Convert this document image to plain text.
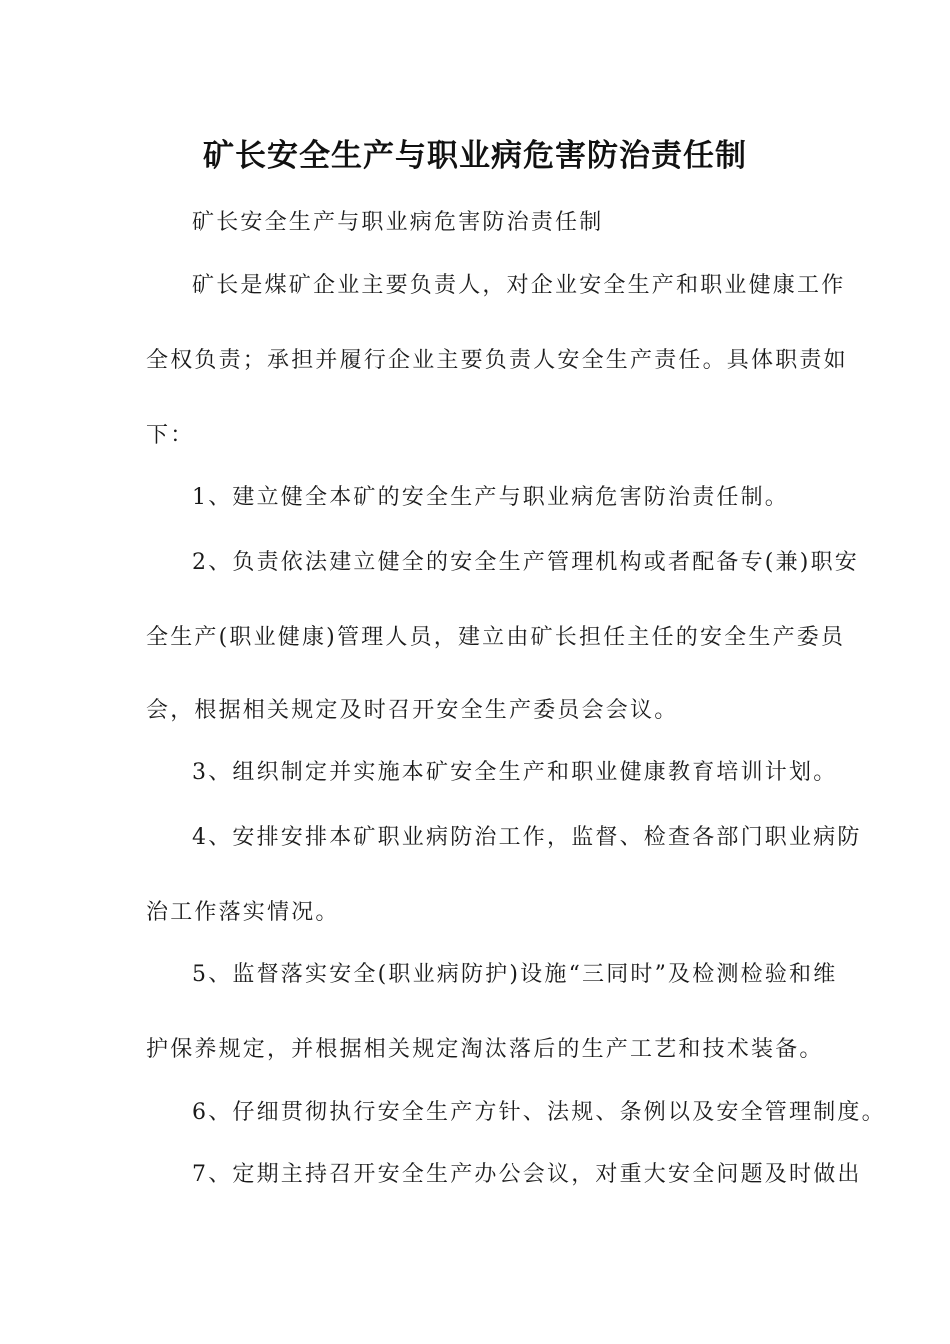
矿长安全生产与职业病危害防治责任制
矿长安全生产与职业病危害防治责任制
矿长是煤矿企业主要负责人，对企业安全生产和职业健康工作
全权负责；承担并履行企业主要负责人安全生产责任。具体职责如
下：
1、建立健全本矿的安全生产与职业病危害防治责任制。
2、负责依法建立健全的安全生产管理机构或者配备专(兼)职安
全生产(职业健康)管理人员，建立由矿长担任主任的安全生产委员
会，根据相关规定及时召开安全生产委员会会议。
3、组织制定并实施本矿安全生产和职业健康教育培训计划。
4、安排安排本矿职业病防治工作，监督、检查各部门职业病防
治工作落实情况。
5、监督落实安全(职业病防护)设施“三同时”及检测检验和维
护保养规定，并根据相关规定淘汰落后的生产工艺和技术装备。
6、仔细贯彻执行安全生产方针、法规、条例以及安全管理制度。
7、定期主持召开安全生产办公会议，对重大安全问题及时做出
